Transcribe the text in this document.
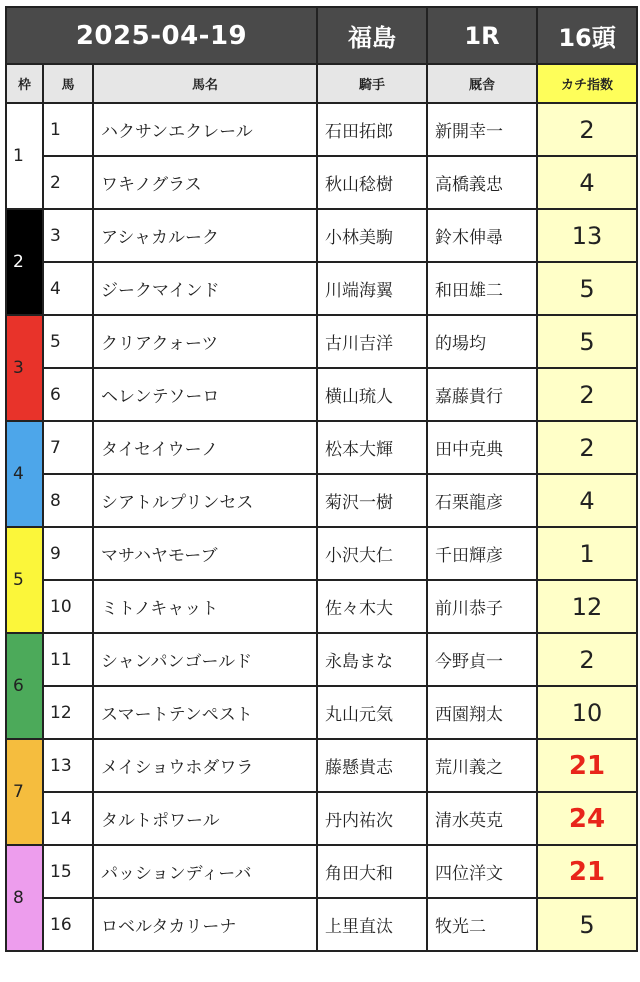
2025-04-19			福島	1R	16頭
枠	馬	馬名	騎手	厩舎	カチ指数
1	1	ハクサンエクレール	石田拓郎	新開幸一	2
	2	ワキノグラス	秋山稔樹	高橋義忠	4
2	3	アシャカルーク	小林美駒	鈴木伸尋	13
	4	ジークマインド	川端海翼	和田雄二	5
3	5	クリアクォーツ	古川吉洋	的場均	5
	6	ヘレンテソーロ	横山琉人	嘉藤貴行	2
4	7	タイセイウーノ	松本大輝	田中克典	2
	8	シアトルプリンセス	菊沢一樹	石栗龍彦	4
5	9	マサハヤモーブ	小沢大仁	千田輝彦	1
	10	ミトノキャット	佐々木大	前川恭子	12
6	11	シャンパンゴールド	永島まな	今野貞一	2
	12	スマートテンペスト	丸山元気	西園翔太	10
7	13	メイショウホダワラ	藤懸貴志	荒川義之	21
	14	タルトポワール	丹内祐次	清水英克	24
8	15	パッションディーバ	角田大和	四位洋文	21
	16	ロベルタカリーナ	上里直汰	牧光二	5
